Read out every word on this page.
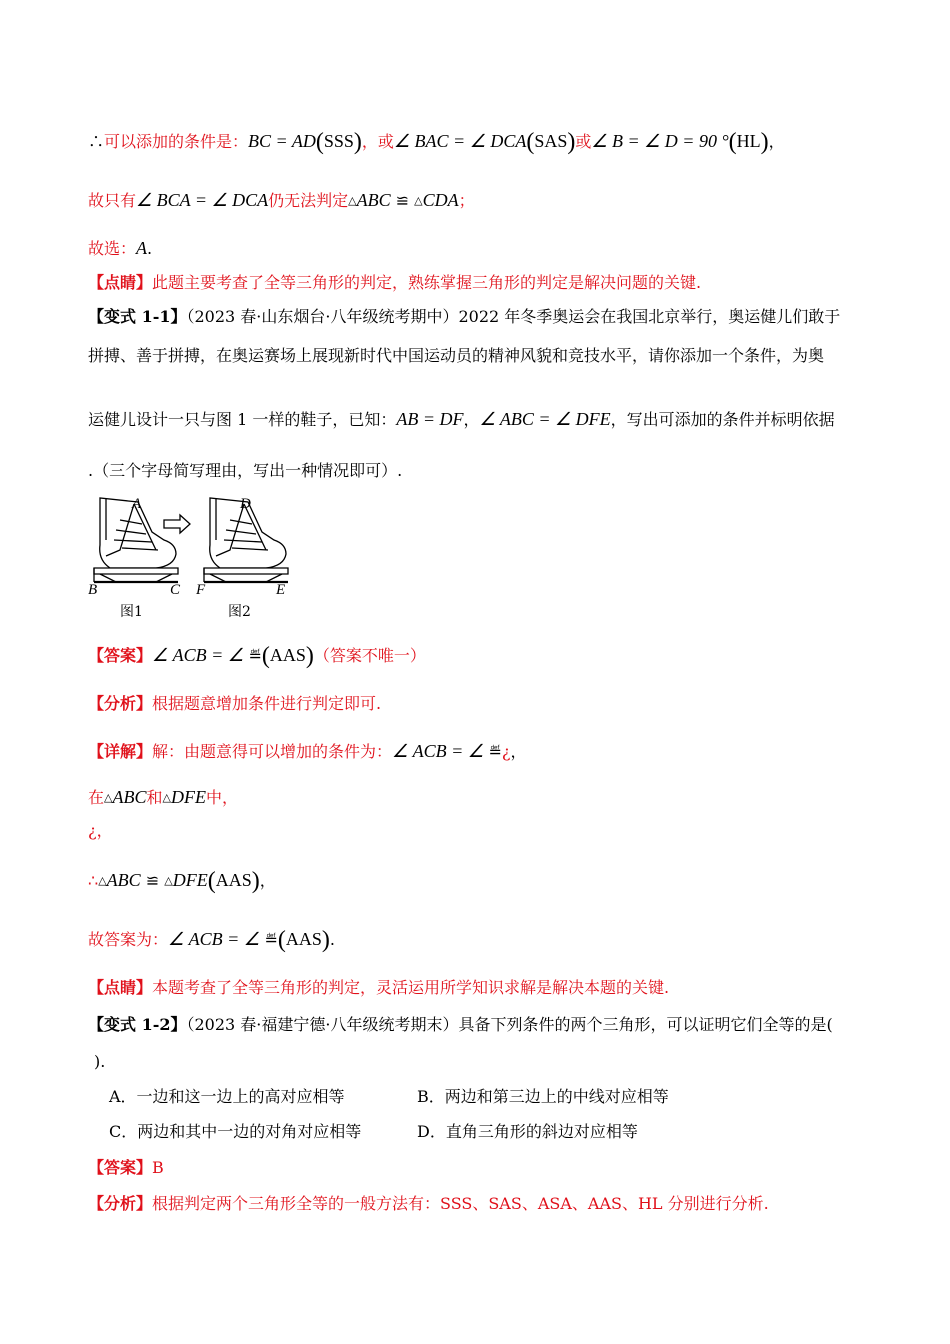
∴可以添加的条件是：BC = AD(SSS)，或∠ BAC = ∠ DCA(SAS)或∠ B = ∠ D = 90 °(HL)，
故只有∠ BCA = ∠ DCA仍无法判定△ABC ≌ △CDA；
故选：A.
【点睛】此题主要考查了全等三角形的判定，熟练掌握三角形的判定是解决问题的关键.
【变式 1-1】（2023 春·山东烟台·八年级统考期中）2022 年冬季奥运会在我国北京举行，奥运健儿们敢于
拼搏、善于拼搏，在奥运赛场上展现新时代中国运动员的精神风貌和竞技水平，请你添加一个条件，为奥
运健儿设计一只与图 1 一样的鞋子，已知：AB = DF，∠ ABC = ∠ DFE，写出可添加的条件并标明依据
.（三个字母简写理由，写出一种情况即可）.
A
B	C
D
F	E
图1	图2
【答案】∠ ACB = ∠ ≝(AAS)（答案不唯一）
【分析】根据题意增加条件进行判定即可.
【详解】解：由题意得可以增加的条件为：∠ ACB = ∠ ≝¿，
在△ABC和△DFE中，
¿，
∴△ABC ≌ △DFE(AAS)，
故答案为：∠ ACB = ∠ ≝(AAS).
【点睛】本题考查了全等三角形的判定，灵活运用所学知识求解是解决本题的关键.
【变式 1-2】（2023 春·福建宁德·八年级统考期末）具备下列条件的两个三角形，可以证明它们全等的是(
).
A．一边和这一边上的高对应相等	B．两边和第三边上的中线对应相等
C．两边和其中一边的对角对应相等	D．直角三角形的斜边对应相等
【答案】B
【分析】根据判定两个三角形全等的一般方法有：SSS、SAS、ASA、AAS、HL 分别进行分析.
